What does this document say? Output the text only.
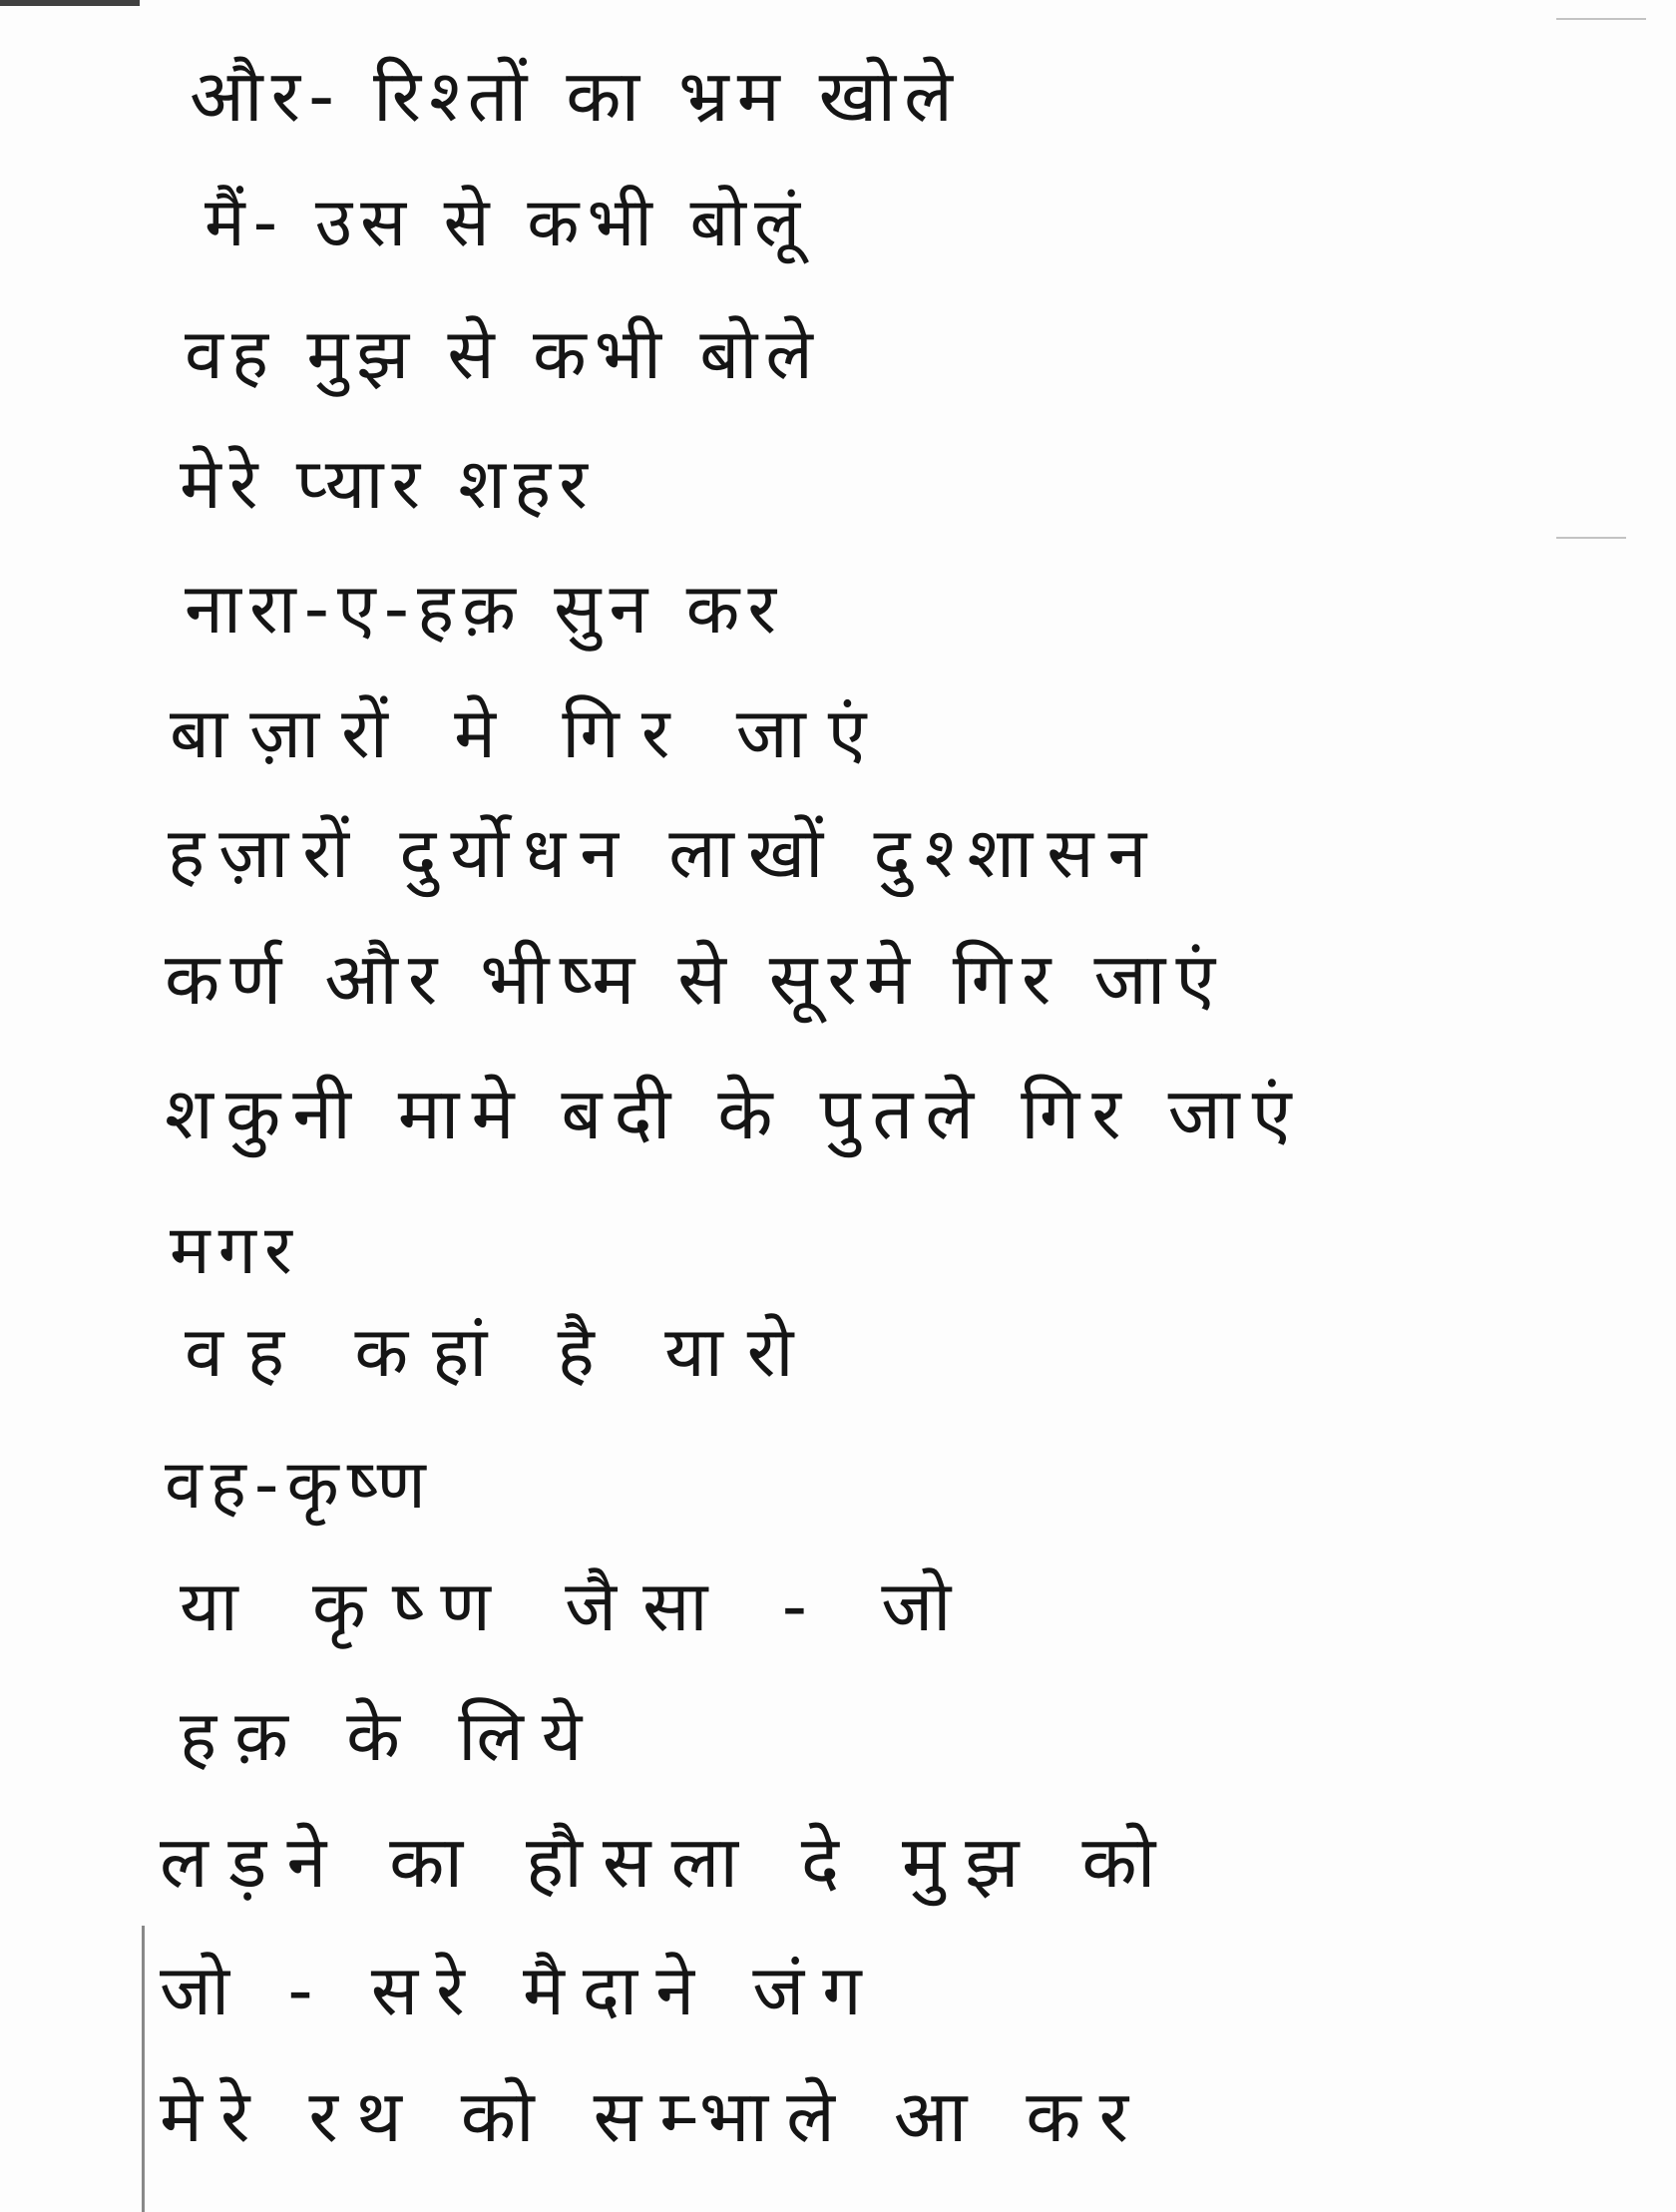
और- रिश्तों का भ्रम खोले
मैं- उस से कभी बोलूं
वह मुझ से कभी बोले
मेरे प्यार शहर
नारा-ए-हक़ सुन कर
बाज़ारों मे गिर जाएं
हज़ारों दुर्योधन लाखों दुश्शासन
कर्ण और भीष्म से सूरमे गिर जाएं
शकुनी मामे बदी के पुतले गिर जाएं
मगर
वह कहां है यारो
वह-कृष्ण
या कृष्ण जैसा - जो
हक़ के लिये
लड़ने का हौसला दे मुझ को
जो - सरे मैदाने जंग
मेरे रथ को सम्भाले आ कर
